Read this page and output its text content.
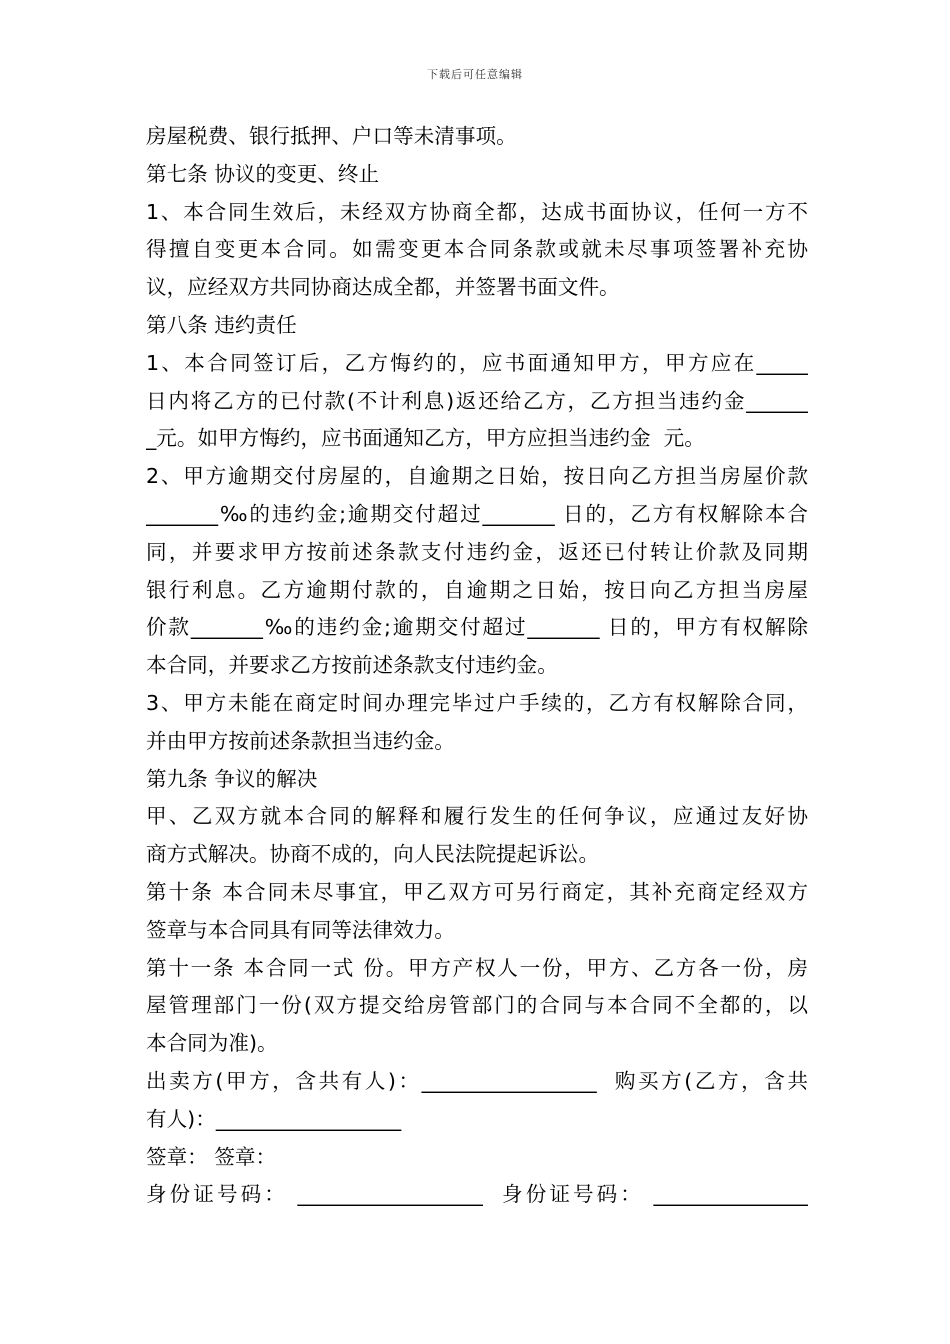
下载后可任意编辑
房屋税费、银行抵押、户口等未清事项。
第七条 协议的变更、终止
1、本合同生效后，未经双方协商全都，达成书面协议，任何一方不
得擅自变更本合同。如需变更本合同条款或就未尽事项签署补充协
议，应经双方共同协商达成全都，并签署书面文件。
第八条 违约责任
1、本合同签订后，乙方悔约的，应书面通知甲方，甲方应在_____
日内将乙方的已付款(不计利息)返还给乙方，乙方担当违约金______
_元。如甲方悔约，应书面通知乙方，甲方应担当违约金  元。
2、甲方逾期交付房屋的，自逾期之日始，按日向乙方担当房屋价款
_______‰的违约金;逾期交付超过_______ 日的，乙方有权解除本合
同，并要求甲方按前述条款支付违约金，返还已付转让价款及同期
银行利息。乙方逾期付款的，自逾期之日始，按日向乙方担当房屋
价款_______‰的违约金;逾期交付超过_______ 日的，甲方有权解除
本合同，并要求乙方按前述条款支付违约金。
3、甲方未能在商定时间办理完毕过户手续的，乙方有权解除合同，
并由甲方按前述条款担当违约金。
第九条 争议的解决
甲、乙双方就本合同的解释和履行发生的任何争议，应通过友好协
商方式解决。协商不成的，向人民法院提起诉讼。
第十条 本合同未尽事宜，甲乙双方可另行商定，其补充商定经双方
签章与本合同具有同等法律效力。
第十一条 本合同一式 份。甲方产权人一份，甲方、乙方各一份，房
屋管理部门一份(双方提交给房管部门的合同与本合同不全都的，以
本合同为准)。
出卖方(甲方，含共有人)：_________________  购买方(乙方，含共
有人)：__________________
签章： 签章：
身份证号码： __________________  身份证号码： _______________
